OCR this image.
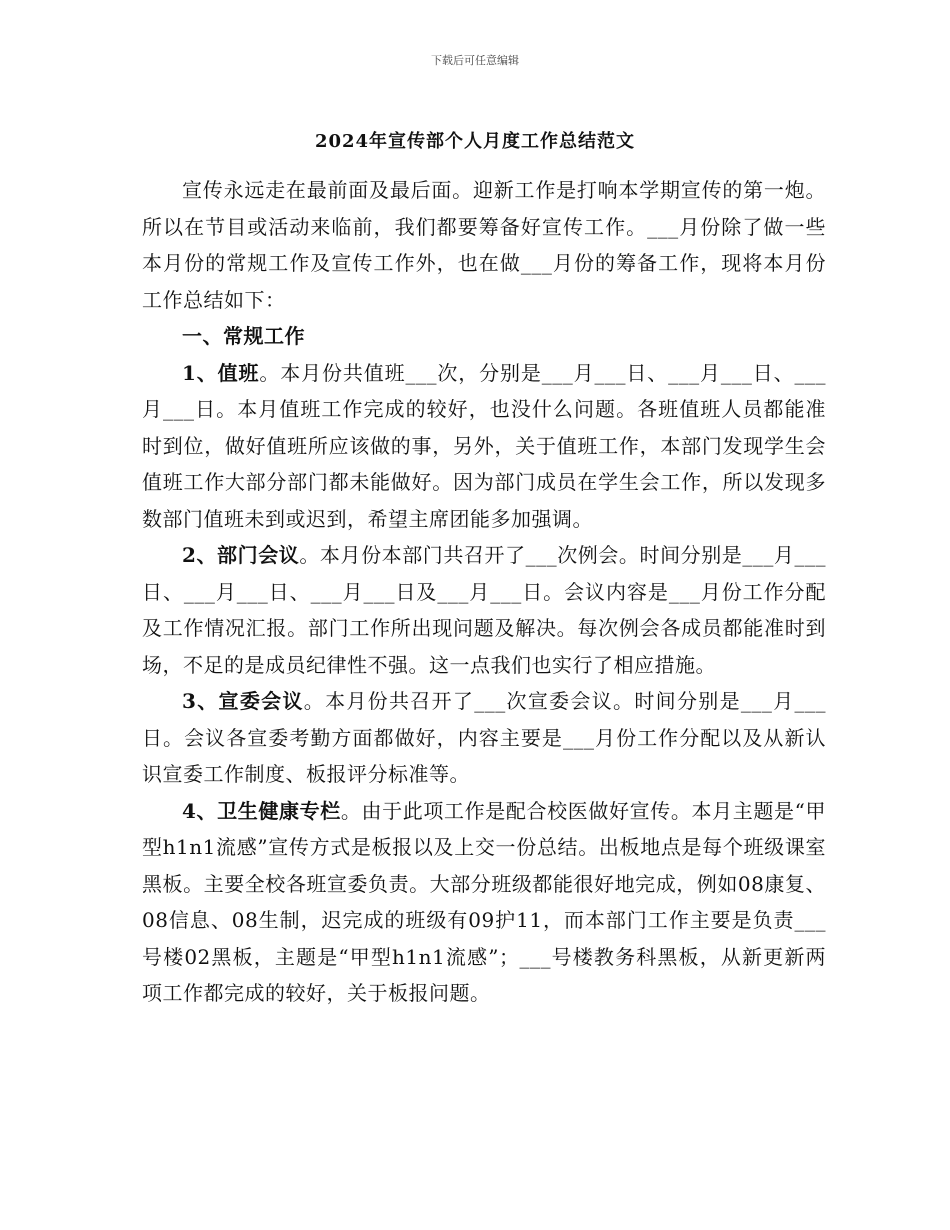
下载后可任意编辑
2024年宣传部个人月度工作总结范文

宣传永远走在最前面及最后面。迎新工作是打响本学期宣传的第一炮。所以在节目或活动来临前，我们都要筹备好宣传工作。___月份除了做一些本月份的常规工作及宣传工作外，也在做___月份的筹备工作，现将本月份工作总结如下：

一、常规工作

1、值班。本月份共值班___次，分别是___月___日、___月___日、___月___日。本月值班工作完成的较好，也没什么问题。各班值班人员都能准时到位，做好值班所应该做的事，另外，关于值班工作，本部门发现学生会值班工作大部分部门都未能做好。因为部门成员在学生会工作，所以发现多数部门值班未到或迟到，希望主席团能多加强调。

2、部门会议。本月份本部门共召开了___次例会。时间分别是___月___日、___月___日、___月___日及___月___日。会议内容是___月份工作分配及工作情况汇报。部门工作所出现问题及解决。每次例会各成员都能准时到场，不足的是成员纪律性不强。这一点我们也实行了相应措施。

3、宣委会议。本月份共召开了___次宣委会议。时间分别是___月___日。会议各宣委考勤方面都做好，内容主要是___月份工作分配以及从新认识宣委工作制度、板报评分标准等。

4、卫生健康专栏。由于此项工作是配合校医做好宣传。本月主题是“甲型h1n1流感”宣传方式是板报以及上交一份总结。出板地点是每个班级课室黑板。主要全校各班宣委负责。大部分班级都能很好地完成，例如08康复、08信息、08生制，迟完成的班级有09护11，而本部门工作主要是负责___号楼02黑板，主题是“甲型h1n1流感”；___号楼教务科黑板，从新更新两项工作都完成的较好，关于板报问题。
